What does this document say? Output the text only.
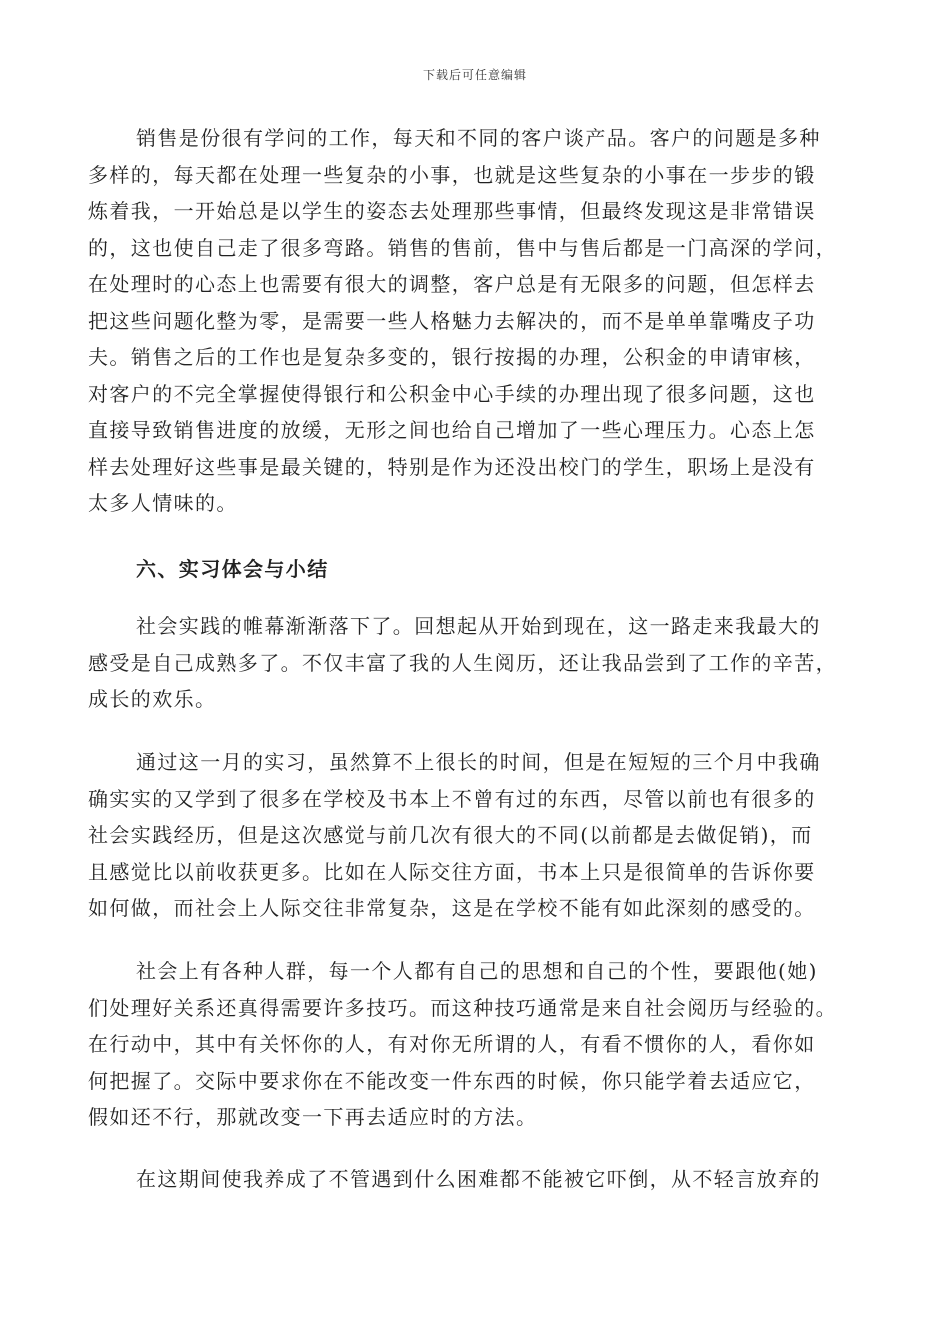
下载后可任意编辑
销售是份很有学问的工作，每天和不同的客户谈产品。客户的问题是多种
多样的，每天都在处理一些复杂的小事，也就是这些复杂的小事在一步步的锻
炼着我，一开始总是以学生的姿态去处理那些事情，但最终发现这是非常错误
的，这也使自己走了很多弯路。销售的售前，售中与售后都是一门高深的学问，
在处理时的心态上也需要有很大的调整，客户总是有无限多的问题，但怎样去
把这些问题化整为零，是需要一些人格魅力去解决的，而不是单单靠嘴皮子功
夫。销售之后的工作也是复杂多变的，银行按揭的办理，公积金的申请审核，
对客户的不完全掌握使得银行和公积金中心手续的办理出现了很多问题，这也
直接导致销售进度的放缓，无形之间也给自己增加了一些心理压力。心态上怎
样去处理好这些事是最关键的，特别是作为还没出校门的学生，职场上是没有
太多人情味的。
六、实习体会与小结
社会实践的帷幕渐渐落下了。回想起从开始到现在，这一路走来我最大的
感受是自己成熟多了。不仅丰富了我的人生阅历，还让我品尝到了工作的辛苦，
成长的欢乐。
通过这一月的实习，虽然算不上很长的时间，但是在短短的三个月中我确
确实实的又学到了很多在学校及书本上不曾有过的东西，尽管以前也有很多的
社会实践经历，但是这次感觉与前几次有很大的不同(以前都是去做促销)，而
且感觉比以前收获更多。比如在人际交往方面，书本上只是很简单的告诉你要
如何做，而社会上人际交往非常复杂，这是在学校不能有如此深刻的感受的。
社会上有各种人群，每一个人都有自己的思想和自己的个性，要跟他(她)
们处理好关系还真得需要许多技巧。而这种技巧通常是来自社会阅历与经验的。
在行动中，其中有关怀你的人，有对你无所谓的人，有看不惯你的人，看你如
何把握了。交际中要求你在不能改变一件东西的时候，你只能学着去适应它，
假如还不行，那就改变一下再去适应时的方法。
在这期间使我养成了不管遇到什么困难都不能被它吓倒，从不轻言放弃的
